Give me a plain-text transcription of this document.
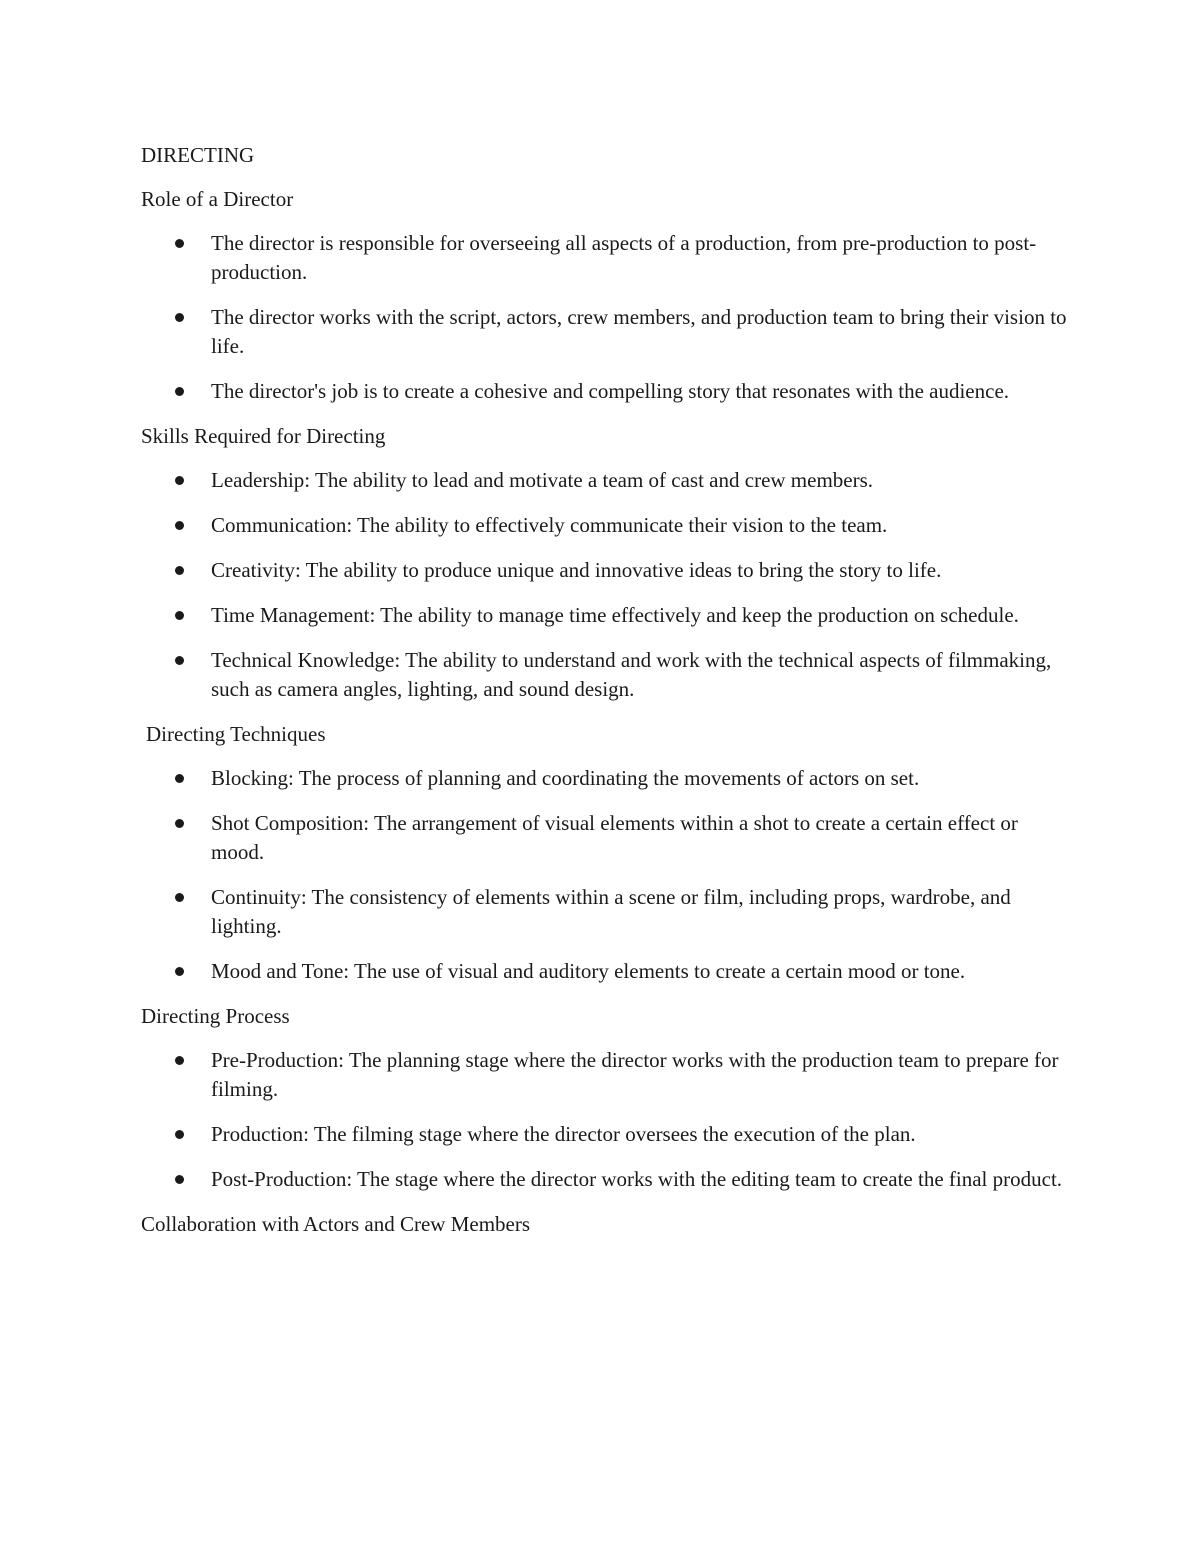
DIRECTING
Role of a Director
The director is responsible for overseeing all aspects of a production, from pre-production to post-production.
The director works with the script, actors, crew members, and production team to bring their vision to life.
The director's job is to create a cohesive and compelling story that resonates with the audience.
Skills Required for Directing
Leadership: The ability to lead and motivate a team of cast and crew members.
Communication: The ability to effectively communicate their vision to the team.
Creativity: The ability to produce unique and innovative ideas to bring the story to life.
Time Management: The ability to manage time effectively and keep the production on schedule.
Technical Knowledge: The ability to understand and work with the technical aspects of filmmaking, such as camera angles, lighting, and sound design.
Directing Techniques
Blocking: The process of planning and coordinating the movements of actors on set.
Shot Composition: The arrangement of visual elements within a shot to create a certain effect or mood.
Continuity: The consistency of elements within a scene or film, including props, wardrobe, and lighting.
Mood and Tone: The use of visual and auditory elements to create a certain mood or tone.
Directing Process
Pre-Production: The planning stage where the director works with the production team to prepare for filming.
Production: The filming stage where the director oversees the execution of the plan.
Post-Production: The stage where the director works with the editing team to create the final product.
Collaboration with Actors and Crew Members
